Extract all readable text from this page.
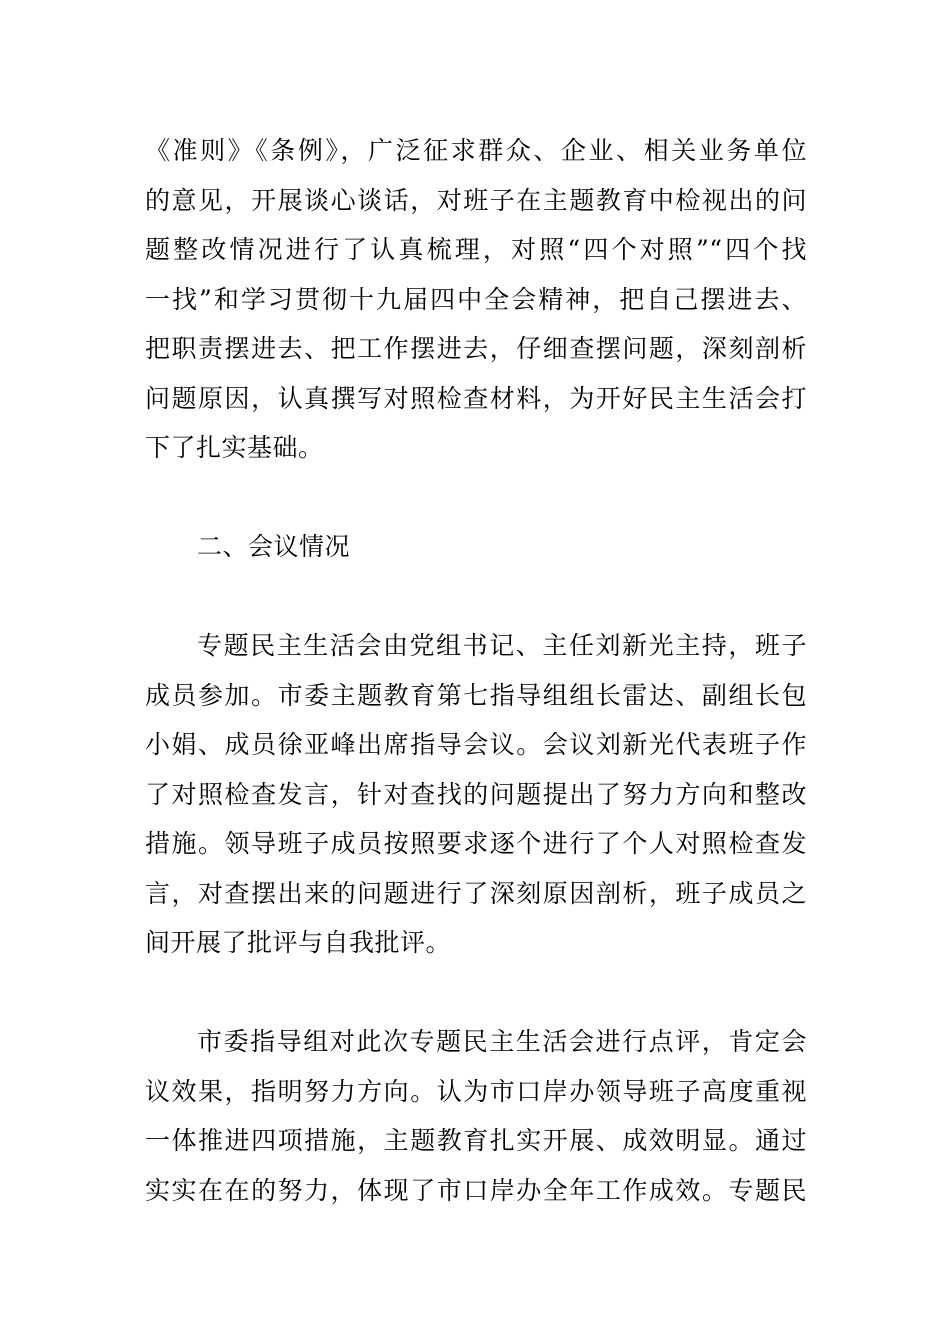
《准则》《条例》，广泛征求群众、企业、相关业务单位
的意见，开展谈心谈话，对班子在主题教育中检视出的问
题整改情况进行了认真梳理，对照“四个对照”“四个找
一找”和学习贯彻十九届四中全会精神，把自己摆进去、
把职责摆进去、把工作摆进去，仔细查摆问题，深刻剖析
问题原因，认真撰写对照检查材料，为开好民主生活会打
下了扎实基础。
二、会议情况
专题民主生活会由党组书记、主任刘新光主持，班子
成员参加。市委主题教育第七指导组组长雷达、副组长包
小娟、成员徐亚峰出席指导会议。会议刘新光代表班子作
了对照检查发言，针对查找的问题提出了努力方向和整改
措施。领导班子成员按照要求逐个进行了个人对照检查发
言，对查摆出来的问题进行了深刻原因剖析，班子成员之
间开展了批评与自我批评。
市委指导组对此次专题民主生活会进行点评，肯定会
议效果，指明努力方向。认为市口岸办领导班子高度重视
一体推进四项措施，主题教育扎实开展、成效明显。通过
实实在在的努力，体现了市口岸办全年工作成效。专题民
